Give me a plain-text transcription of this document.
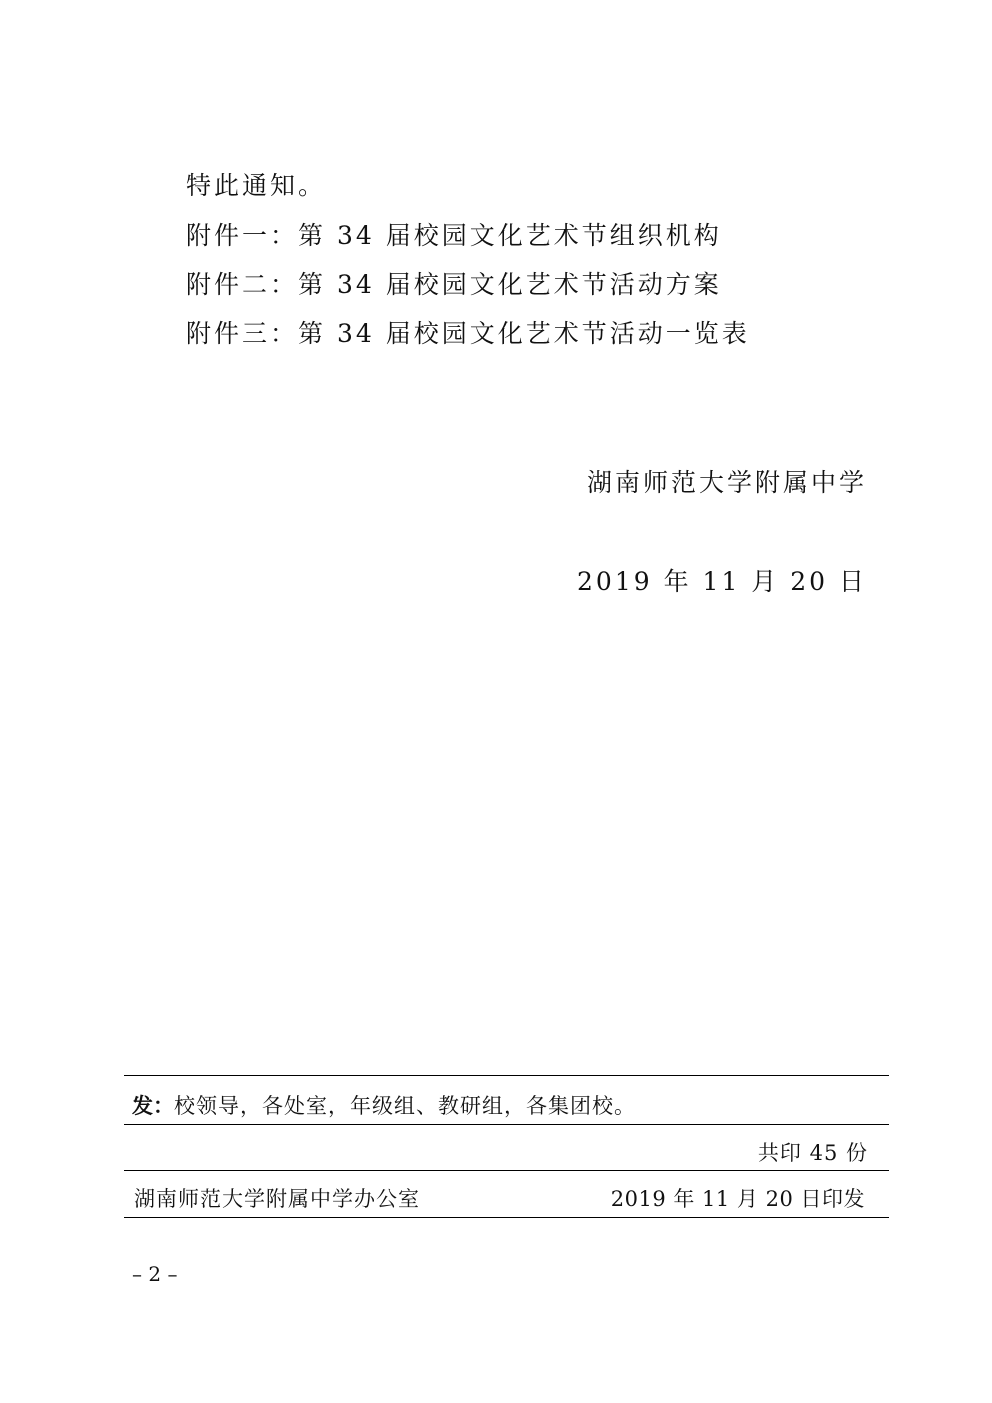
特此通知。
附件一：第 34 届校园文化艺术节组织机构
附件二：第 34 届校园文化艺术节活动方案
附件三：第 34 届校园文化艺术节活动一览表
湖南师范大学附属中学
2019 年 11 月 20 日
发：校领导，各处室，年级组、教研组，各集团校。
共印 45 份
湖南师范大学附属中学办公室	2019 年 11 月 20 日印发
– 2 –
